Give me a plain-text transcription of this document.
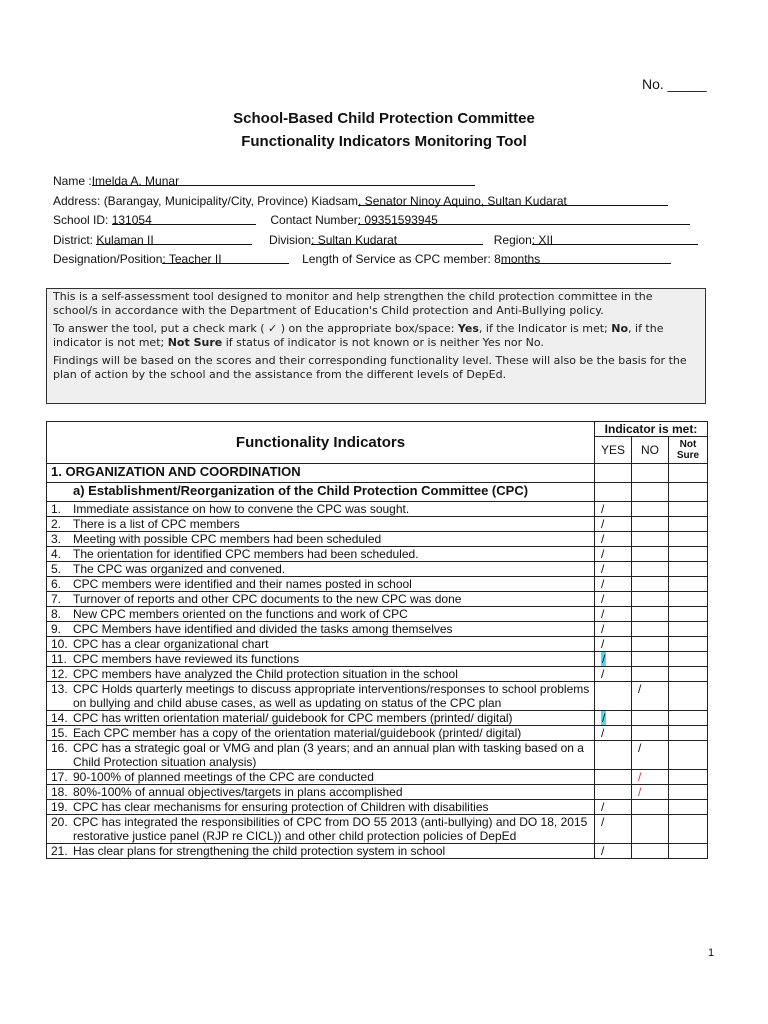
No. _____
School-Based Child Protection Committee
Functionality Indicators Monitoring Tool
Name :Imelda A. Munar
Address: (Barangay, Municipality/City, Province) Kiadsam, Senator Ninoy Aquino, Sultan Kudarat
School ID: 131054	Contact Number: 09351593945
District: Kulaman II	Division: Sultan Kudarat	Region: XII
Designation/Position: Teacher II	Length of Service as CPC member: 8months

This is a self-assessment tool designed to monitor and help strengthen the child protection committee in the school/s in accordance with the Department of Education's Child protection and Anti-Bullying policy.

To answer the tool, put a check mark ( ✓ ) on the appropriate box/space: Yes, if the Indicator is met; No, if the indicator is not met; Not Sure if status of indicator is not known or is neither Yes nor No.

Findings will be based on the scores and their corresponding functionality level. These will also be the basis for the plan of action by the school and the assistance from the different levels of DepEd.

Functionality Indicators		Indicator is met:		
		YES	NO	Not Sure
1. ORGANIZATION AND COORDINATION				
a) Establishment/Reorganization of the Child Protection Committee (CPC)				
1.	Immediate assistance on how to convene the CPC was sought.	/		
2.	There is a list of CPC members	/		
3.	Meeting with possible CPC members had been scheduled	/		
4.	The orientation for identified CPC members had been scheduled.	/		
5.	The CPC was organized and convened.	/		
6.	CPC members were identified and their names posted in school	/		
7.	Turnover of reports and other CPC documents to the new CPC was done	/		
8.	New CPC members oriented on the functions and work of CPC	/		
9.	CPC Members have identified and divided the tasks among themselves	/		
10.	CPC has a clear organizational chart	/		
11.	CPC members have reviewed its functions	/		
12.	CPC members have analyzed the Child protection situation in the school	/		
13.	CPC Holds quarterly meetings to discuss appropriate interventions/responses to school problems on bullying and child abuse cases, as well as updating on status of the CPC plan		/	
14.	CPC has written orientation material/ guidebook for CPC members (printed/ digital)	/		
15.	Each CPC member has a copy of the orientation material/guidebook (printed/ digital)	/		
16.	CPC has a strategic goal or VMG and plan (3 years; and an annual plan with tasking based on a Child Protection situation analysis)		/	
17.	90-100% of planned meetings of the CPC are conducted		/	
18.	80%-100% of annual objectives/targets in plans accomplished		/	
19.	CPC has clear mechanisms for ensuring protection of Children with disabilities	/		
20.	CPC has integrated the responsibilities of CPC from DO 55 2013 (anti-bullying) and DO 18, 2015 restorative justice panel (RJP re CICL)) and other child protection policies of DepEd	/		
21.	Has clear plans for strengthening the child protection system in school	/		
1
